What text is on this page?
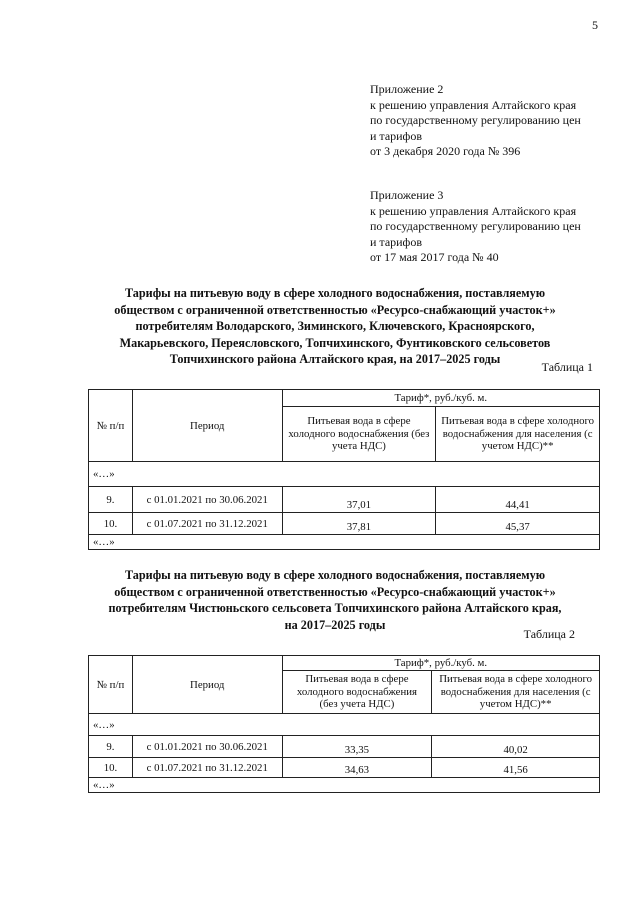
5
Приложение 2
к решению управления Алтайского края
по государственному регулированию цен
и тарифов
от 3 декабря 2020 года № 396
Приложение 3
к решению управления Алтайского края
по государственному регулированию цен
и тарифов
от 17 мая 2017 года № 40
Тарифы на питьевую воду в сфере холодного водоснабжения, поставляемую
обществом с ограниченной ответственностью «Ресурсо-снабжающий участок+»
потребителям Володарского, Зиминского, Ключевского, Красноярского,
Макарьевского, Переясловского, Топчихинского, Фунтиковского сельсоветов
Топчихинского района Алтайского края, на 2017–2025 годы
Таблица 1
№ п/п	Период	Тариф*, руб./куб. м.	
		Питьевая вода в сфере холодного водоснабжения (без учета НДС)	Питьевая вода в сфере холодного водоснабжения для населения (с учетом НДС)**
«…»			
9.	с 01.01.2021 по 30.06.2021	37,01	44,41
10.	с 01.07.2021 по 31.12.2021	37,81	45,37
«…»			
Тарифы на питьевую воду в сфере холодного водоснабжения, поставляемую
обществом с ограниченной ответственностью «Ресурсо-снабжающий участок+»
потребителям Чистюньского сельсовета Топчихинского района Алтайского края,
на 2017–2025 годы
Таблица 2
№ п/п	Период	Тариф*, руб./куб. м.	
		Питьевая вода в сфере холодного водоснабжения (без учета НДС)	Питьевая вода в сфере холодного водоснабжения для населения (с учетом НДС)**
«…»			
9.	с 01.01.2021 по 30.06.2021	33,35	40,02
10.	с 01.07.2021 по 31.12.2021	34,63	41,56
«…»			
